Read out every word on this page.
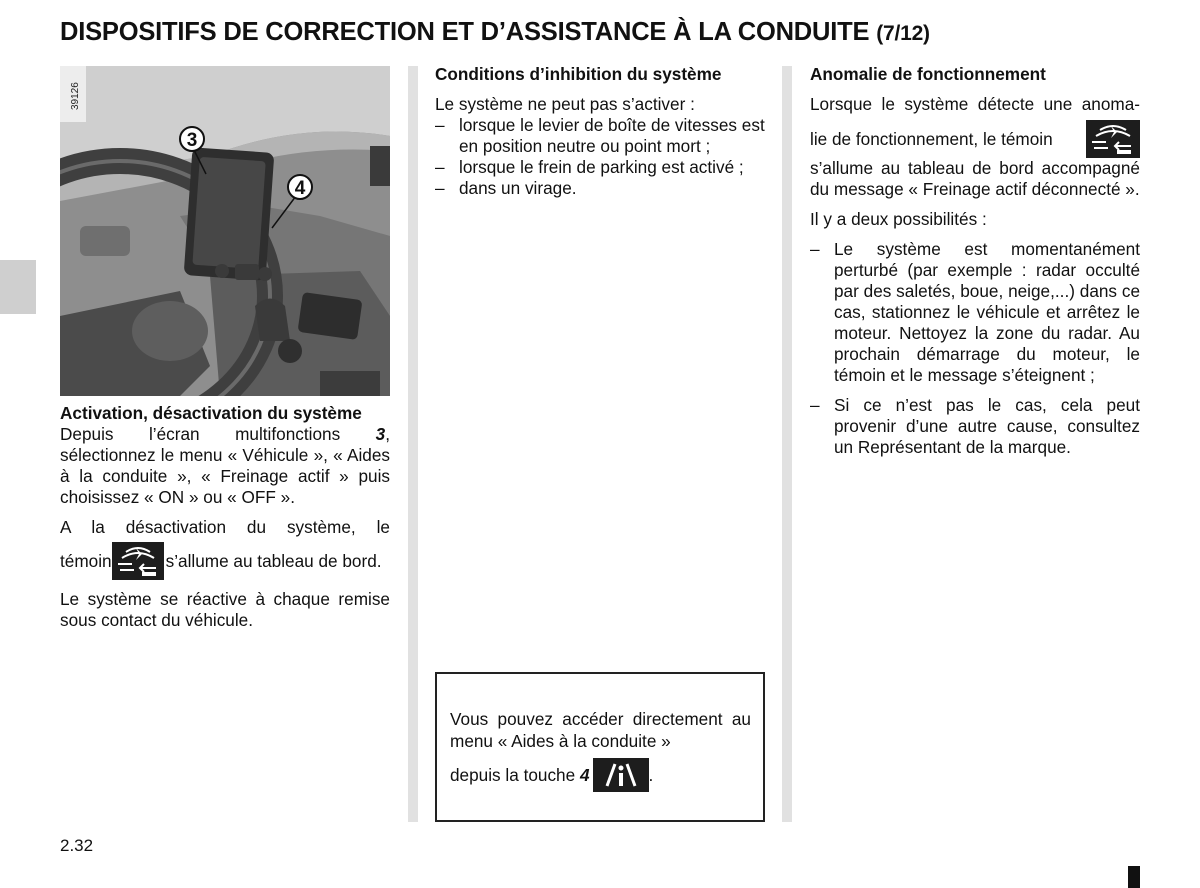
DISPOSITIFS DE CORRECTION ET D’ASSISTANCE À LA CONDUITE (7/12)
3
4
39126

Activation, désactivation du système

Depuis l’écran multifonctions 3, sélectionnez le menu « Véhicule », « Aides à la conduite », « Freinage actif » puis choisissez « ON » ou « OFF ».

A la désactivation du système, le

témoin	s’allume au tableau de bord.

Le système se réactive à chaque remise sous contact du véhicule.

Conditions d’inhibition du système

Le système ne peut pas s’activer :

– lorsque le levier de boîte de vitesses est en position neutre ou point mort ;

– lorsque le frein de parking est activé ;

– dans un virage.

Vous pouvez accéder directement au menu « Aides à la conduite »

depuis la touche 4	.

Anomalie de fonctionnement

Lorsque le système détecte une anoma-

lie de fonctionnement, le témoin

s’allume au tableau de bord accompagné du message « Freinage actif déconnecté ».

Il y a deux possibilités :

– Le système est momentanément perturbé (par exemple : radar occulté par des saletés, boue, neige,...) dans ce cas, stationnez le véhicule et arrêtez le moteur. Nettoyez la zone du radar. Au prochain démarrage du moteur, le témoin et le message s’éteignent ;

– Si ce n’est pas le cas, cela peut provenir d’une autre cause, consultez un Représentant de la marque.

2.32
